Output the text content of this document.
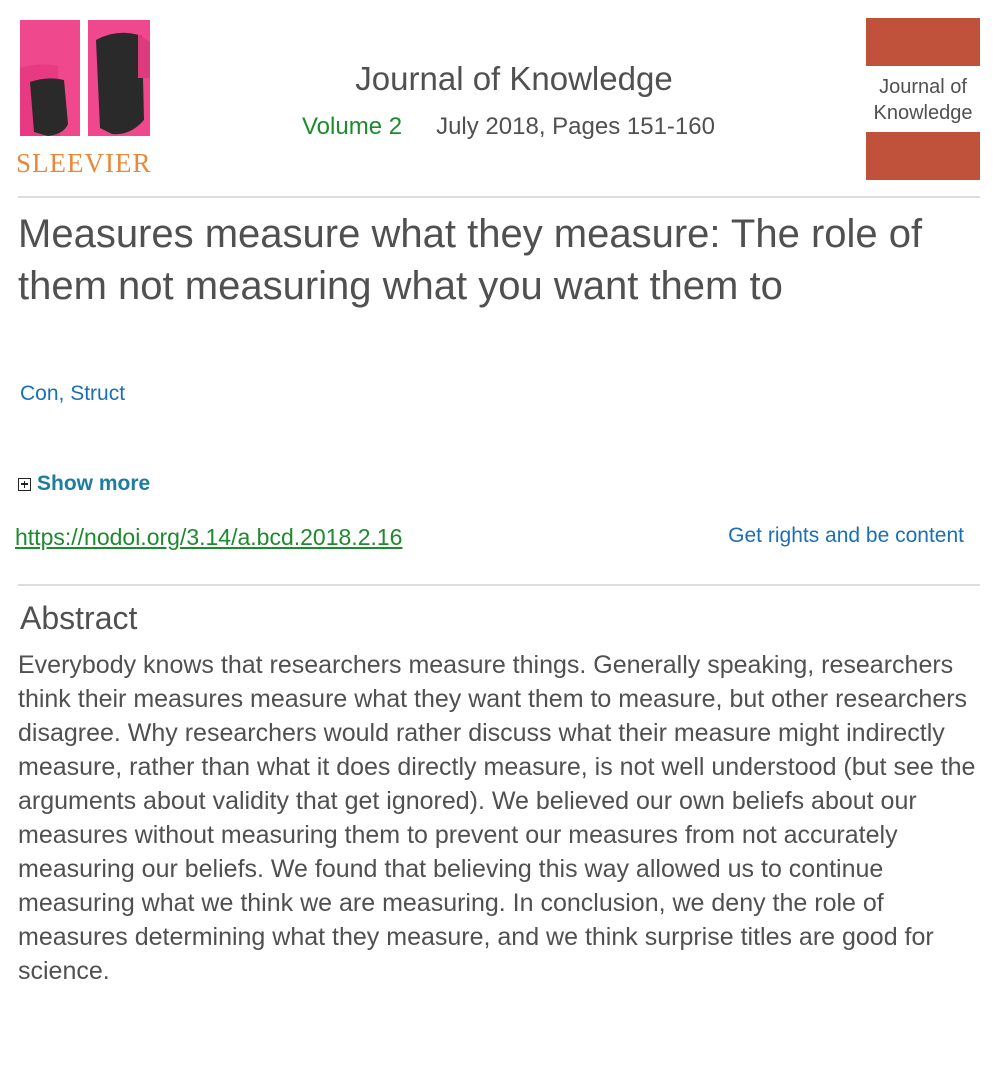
SLEEVIER
Journal of Knowledge
Volume 2 July 2018, Pages 151-160
Journal of
Knowledge
Measures measure what they measure: The role of them not measuring what you want them to
Con, Struct
Show more
https://nodoi.org/3.14/a.bcd.2018.2.16	Get rights and be content
Abstract

Everybody knows that researchers measure things. Generally speaking, researchers think their measures measure what they want them to measure, but other researchers disagree. Why researchers would rather discuss what their measure might indirectly measure, rather than what it does directly measure, is not well understood (but see the arguments about validity that get ignored). We believed our own beliefs about our measures without measuring them to prevent our measures from not accurately measuring our beliefs. We found that believing this way allowed us to continue measuring what we think we are measuring. In conclusion, we deny the role of measures determining what they measure, and we think surprise titles are good for science.
